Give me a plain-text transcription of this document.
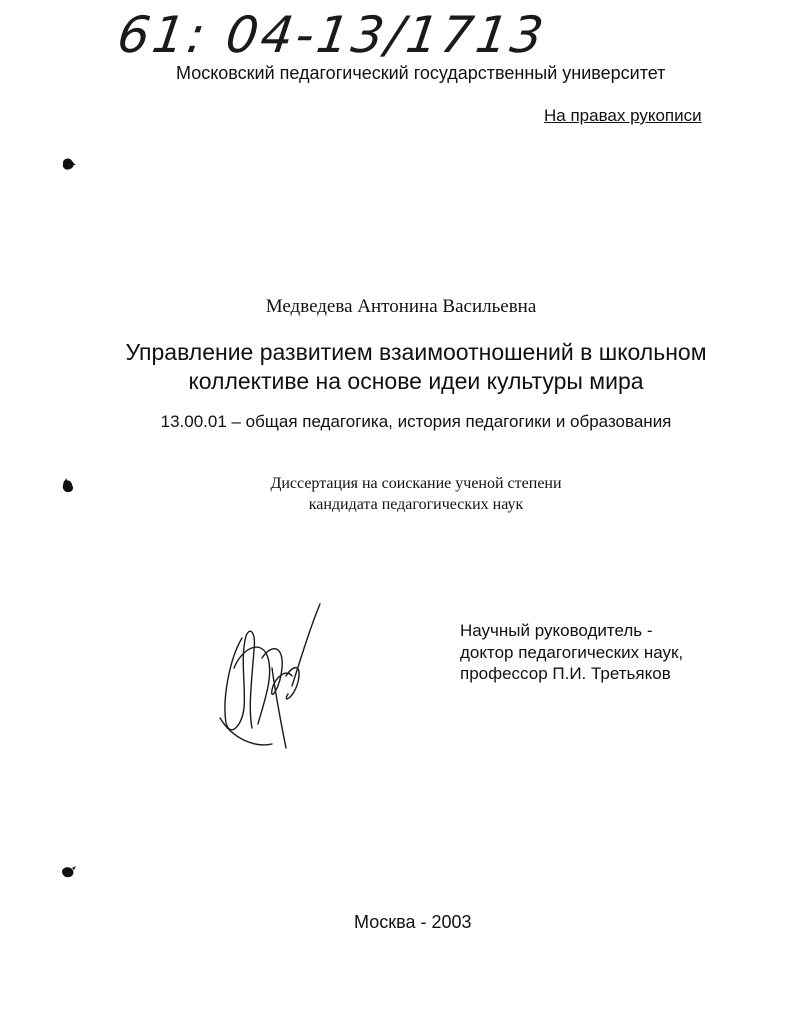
61: 04-13/1713
Московский педагогический государственный университет
На правах рукописи
Медведева Антонина Васильевна
Управление развитием взаимоотношений в школьном
коллективе на основе идеи культуры мира
13.00.01 – общая педагогика, история педагогики и образования
Диссертация на соискание ученой степени
кандидата педагогических наук
Научный руководитель -
доктор педагогических наук,
профессор П.И. Третьяков
Москва - 2003
